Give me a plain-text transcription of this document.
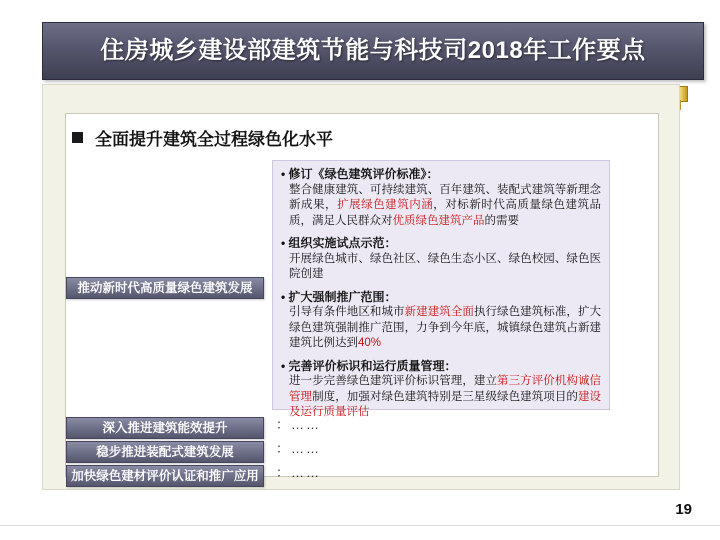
住房城乡建设部建筑节能与科技司2018年工作要点
全面提升建筑全过程绿色化水平
推动新时代高质量绿色建筑发展
深入推进建筑能效提升
稳步推进装配式建筑发展
加快绿色建材评价认证和推广应用
：……
：……
：……
• 修订《绿色建筑评价标准》：
整合健康建筑、可持续建筑、百年建筑、装配式建筑等新理念新成果，扩展绿色建筑内涵，对标新时代高质量绿色建筑品质，满足人民群众对优质绿色建筑产品的需要
• 组织实施试点示范：
开展绿色城市、绿色社区、绿色生态小区、绿色校园、绿色医院创建
• 扩大强制推广范围：
引导有条件地区和城市新建建筑全面执行绿色建筑标准，扩大绿色建筑强制推广范围，力争到今年底，城镇绿色建筑占新建建筑比例达到40%
• 完善评价标识和运行质量管理：
进一步完善绿色建筑评价标识管理，建立第三方评价机构诚信管理制度，加强对绿色建筑特别是三星级绿色建筑项目的建设及运行质量评估
19
